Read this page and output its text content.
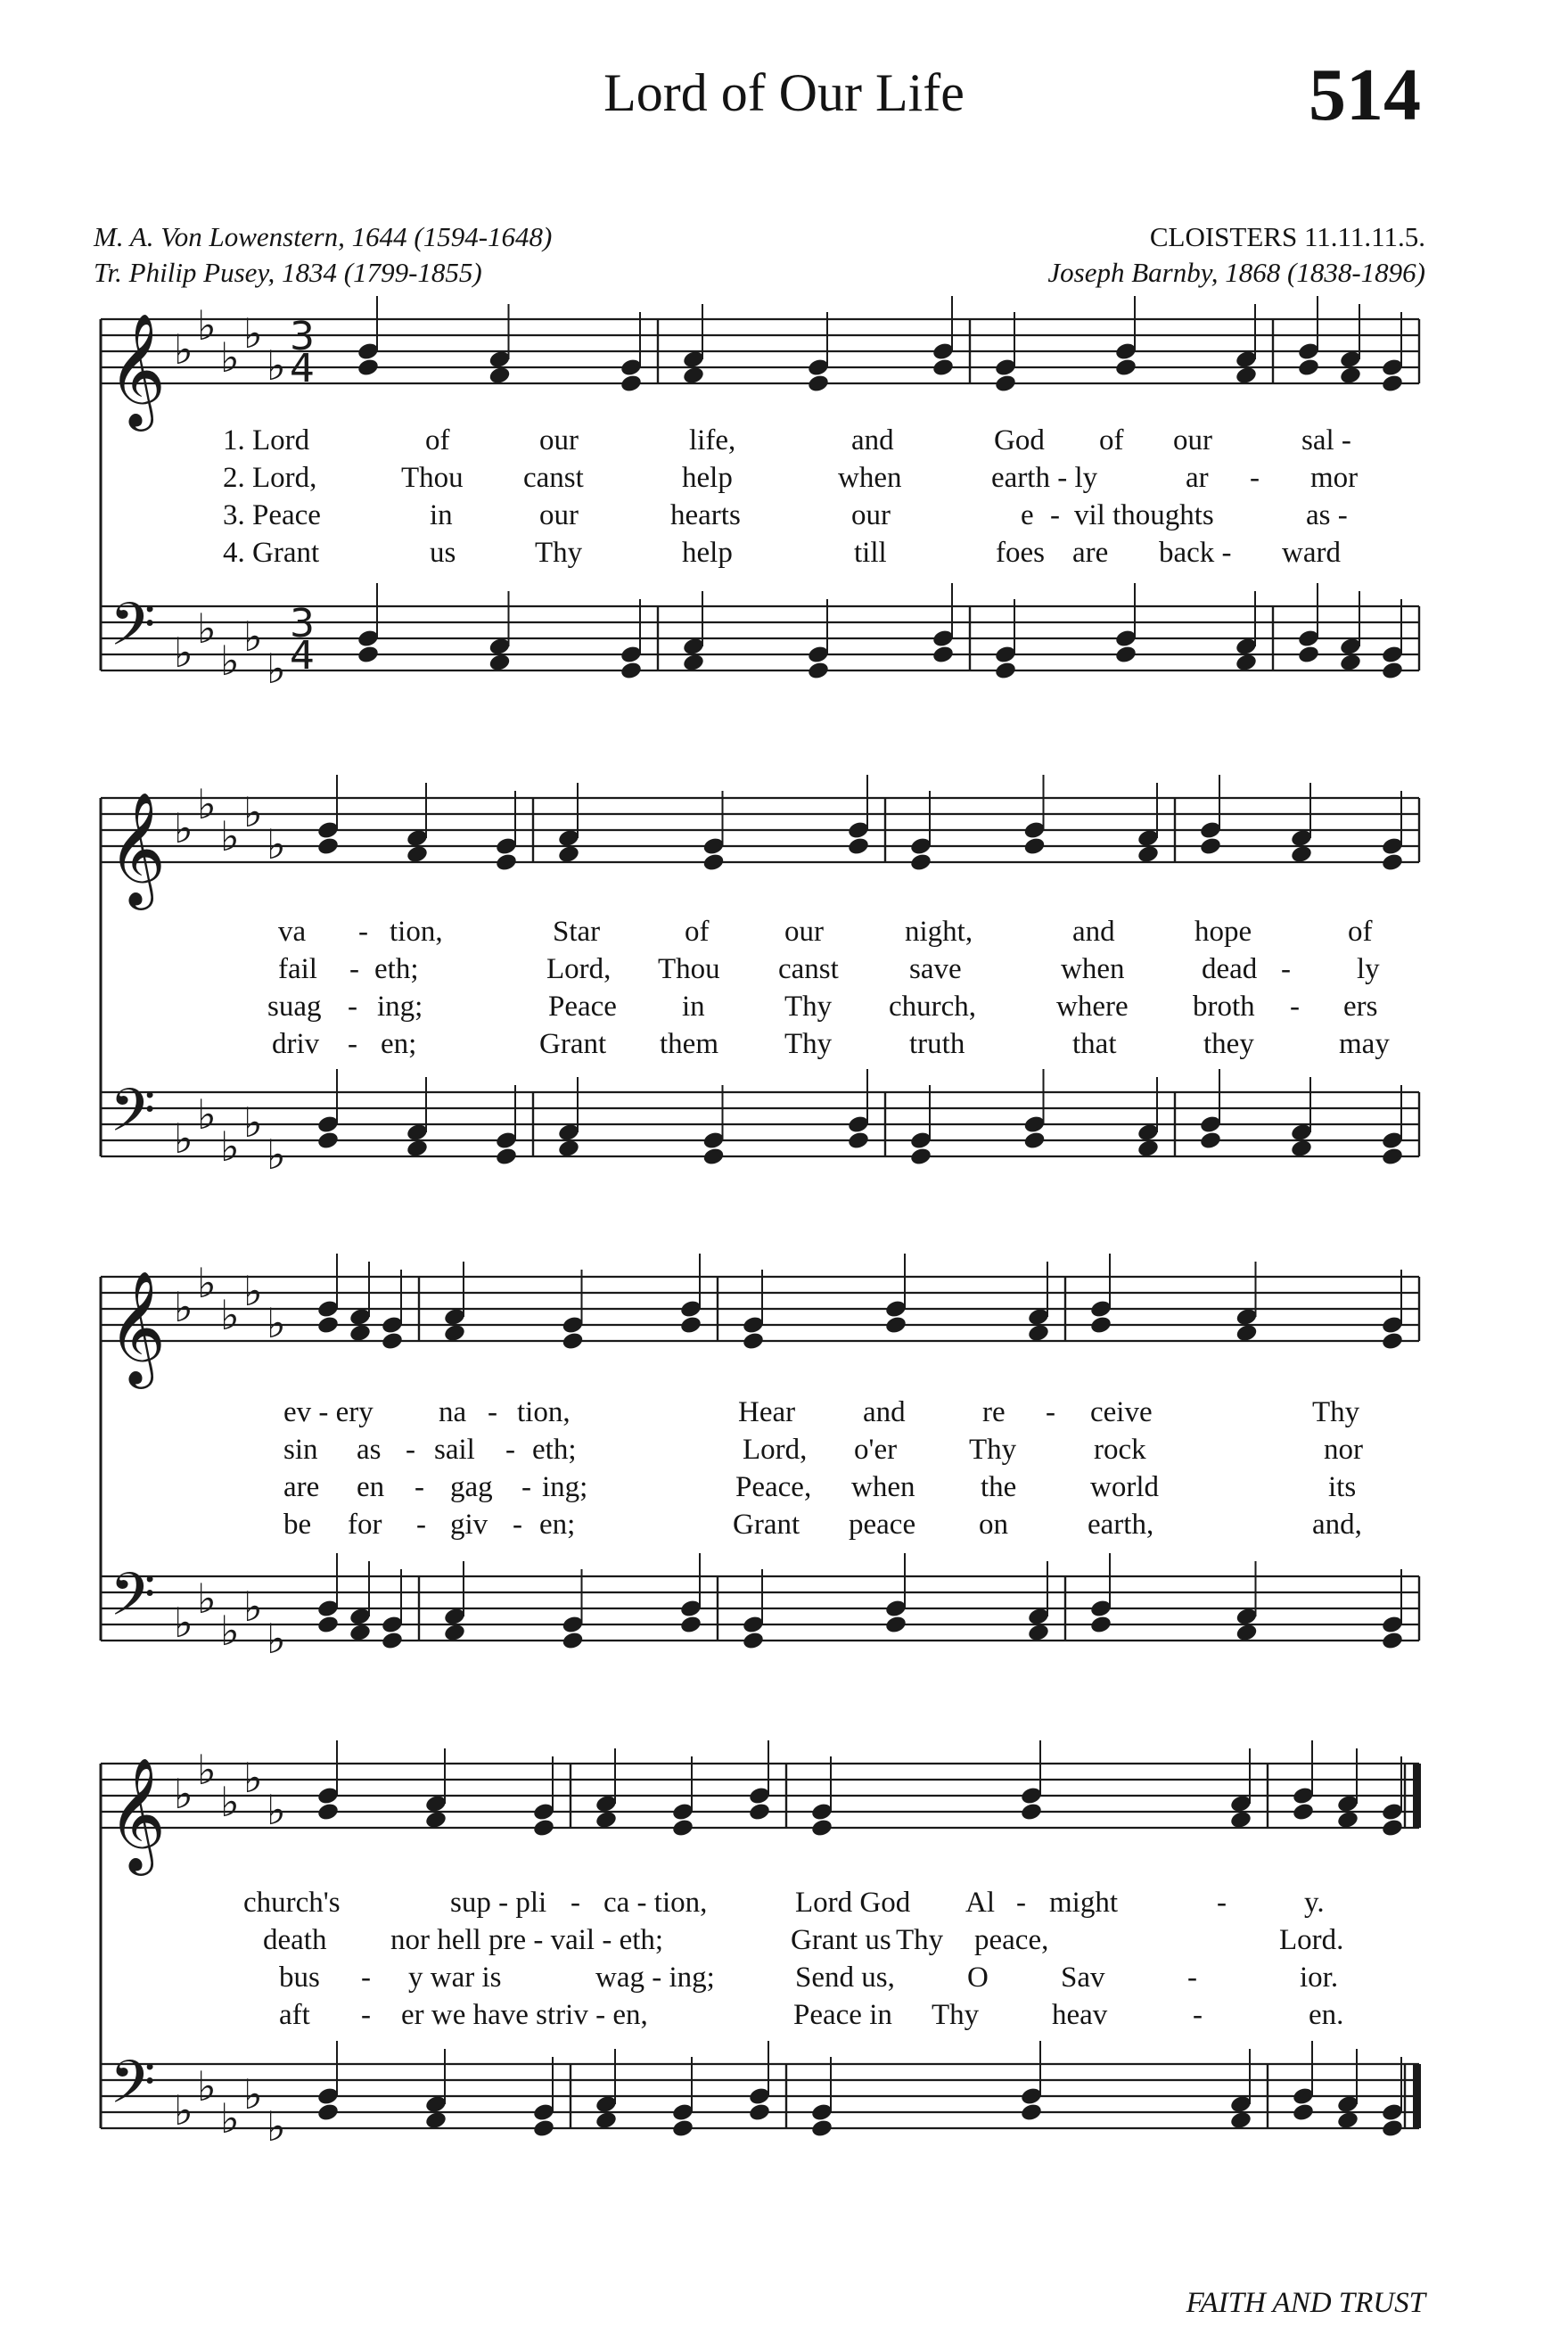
Lord of Our Life	514
M. A. Von Lowenstern, 1644 (1594-1648)
Tr. Philip Pusey, 1834 (1799-1855)
CLOISTERS 11.11.11.5.
Joseph Barnby, 1868 (1838-1896)
𝄞
𝄢
♭
♭
♭
♭
♭
♭
♭
♭
♭
♭
3
4
3
4
𝄞
𝄢
♭
♭
♭
♭
♭
♭
♭
♭
♭
♭
𝄞
𝄢
♭
♭
♭
♭
♭
♭
♭
♭
♭
♭
𝄞
𝄢
♭
♭
♭
♭
♭
♭
♭
♭
♭
♭
1. Lord	of	our	life,	and	God of our	sal -
2. Lord,	Thou canst	help	when	earth - ly	ar - mor
3. Peace	in	our	hearts	our	e - vil thoughts	as -
4. Grant	us	Thy	help	till	foes are back - ward
va - tion,	Star	of	our	night,	and	hope	of
fail - eth;	Lord, Thou canst save	when	dead - ly
suag - ing;	Peace in	Thy church,	where broth - ers
driv - en;	Grant them Thy	truth	that	they	may
ev - ery na - tion,	Hear and	re - ceive	Thy
sin as - sail - eth;	Lord, o'er Thy	rock	nor
are en - gag - ing;	Peace, when the	world	its
be for - giv - en;	Grant peace on	earth,	and,
church's	sup - pli - ca - tion,	Lord God Al - might	-	y.
death nor hell pre - vail - eth;	Grant us Thy peace,	Lord.
bus - y war is	wag - ing;	Send us, O Sav	-	ior.
aft - er we have striv - en,	Peace in Thy heav	-	en.
FAITH AND TRUST
